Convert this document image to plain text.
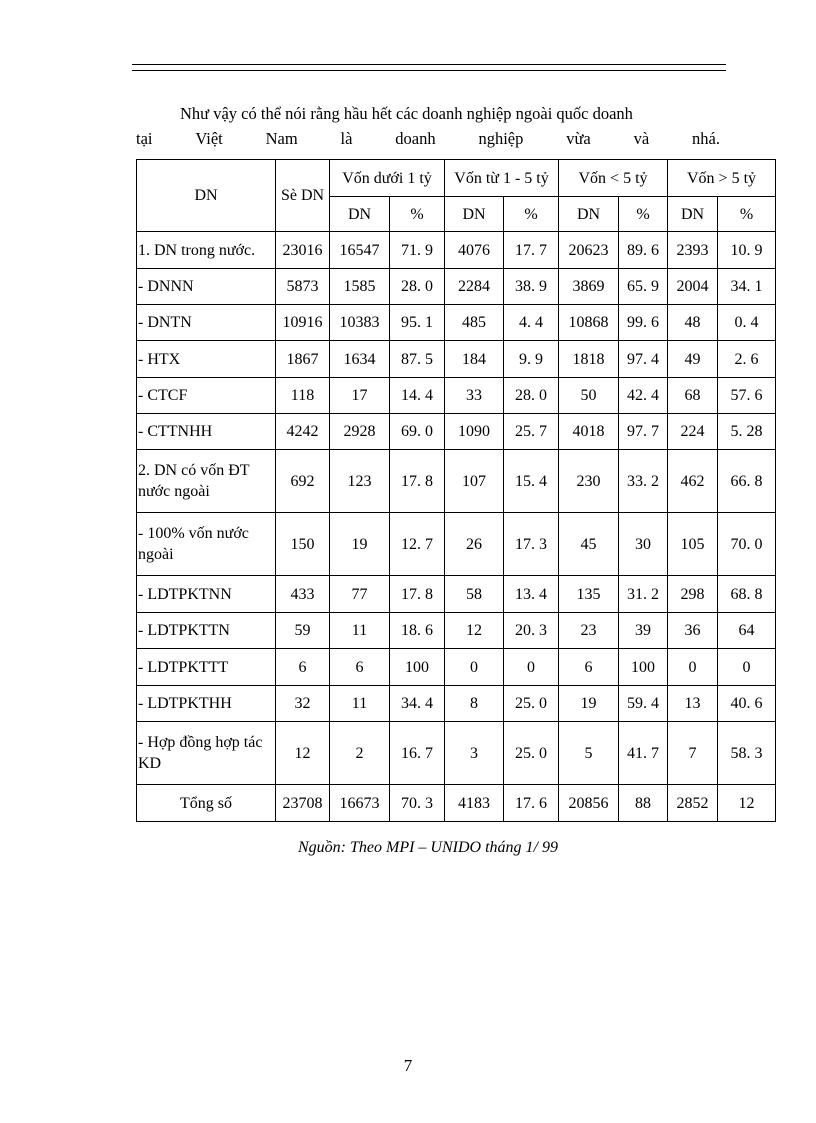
Như vậy có thể nói rằng hầu hết các doanh nghiệp ngoài quốc doanh
tại	Việt	Nam	là	doanh	nghiệp	vừa	và	nhá.
DN	Sè DN	Vốn dưới 1 tỷ		Vốn từ 1 - 5 tỷ		Vốn < 5 tỷ		Vốn > 5 tỷ	
		DN	%	DN	%	DN	%	DN	%
1. DN trong nước.	23016	16547	71. 9	4076	17. 7	20623	89. 6	2393	10. 9
- DNNN	5873	1585	28. 0	2284	38. 9	3869	65. 9	2004	34. 1
- DNTN	10916	10383	95. 1	485	4. 4	10868	99. 6	48	0. 4
- HTX	1867	1634	87. 5	184	9. 9	1818	97. 4	49	2. 6
- CTCF	118	17	14. 4	33	28. 0	50	42. 4	68	57. 6
- CTTNHH	4242	2928	69. 0	1090	25. 7	4018	97. 7	224	5. 28
2. DN có vốn ĐT nước ngoài	692	123	17. 8	107	15. 4	230	33. 2	462	66. 8
- 100% vốn nước ngoài	150	19	12. 7	26	17. 3	45	30	105	70. 0
- LDTPKTNN	433	77	17. 8	58	13. 4	135	31. 2	298	68. 8
- LDTPKTTN	59	11	18. 6	12	20. 3	23	39	36	64
- LDTPKTTT	6	6	100	0	0	6	100	0	0
- LDTPKTHH	32	11	34. 4	8	25. 0	19	59. 4	13	40. 6
- Hợp đồng hợp tác KD	12	2	16. 7	3	25. 0	5	41. 7	7	58. 3
Tổng số	23708	16673	70. 3	4183	17. 6	20856	88	2852	12
Nguồn: Theo MPI – UNIDO tháng 1/ 99
7
